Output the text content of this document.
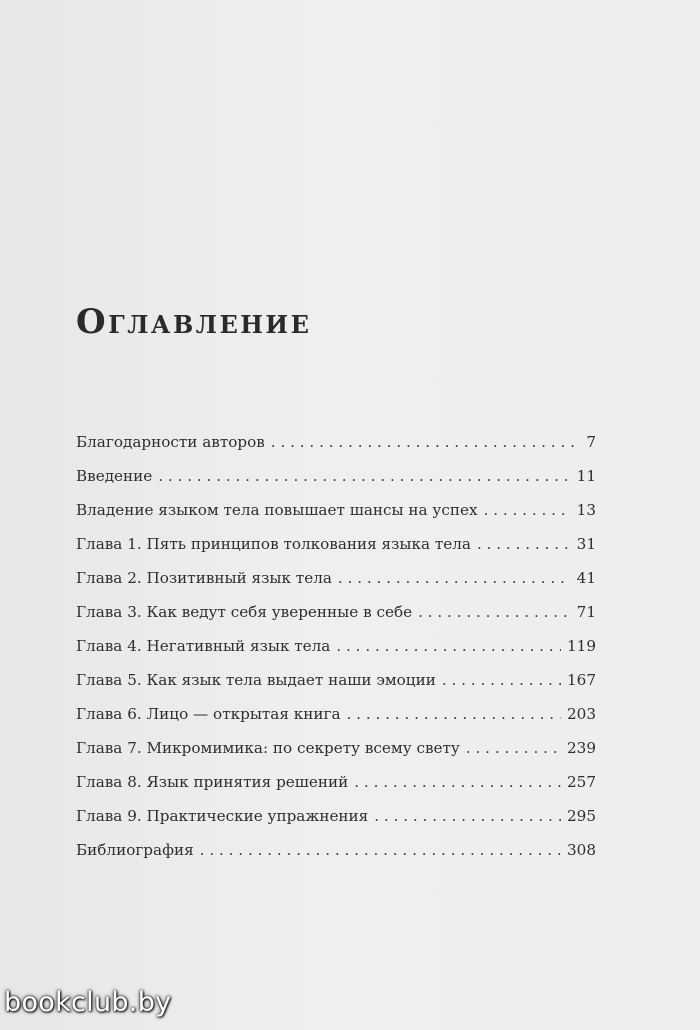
Оглавление
Благодарности авторов . . .	7
Введение . . .	11
Владение языком тела повышает шансы на успех . . .	13
Глава 1. Пять принципов толкования языка тела . . .	31
Глава 2. Позитивный язык тела . . .	41
Глава 3. Как ведут себя уверенные в себе . . .	71
Глава 4. Негативный язык тела . . .	119
Глава 5. Как язык тела выдает наши эмоции . . .	167
Глава 6. Лицо — открытая книга . . .	203
Глава 7. Микромимика: по секрету всему свету . . .	239
Глава 8. Язык принятия решений . . .	257
Глава 9. Практические упражнения . . .	295
Библиография . . .	308
bookclub.by
